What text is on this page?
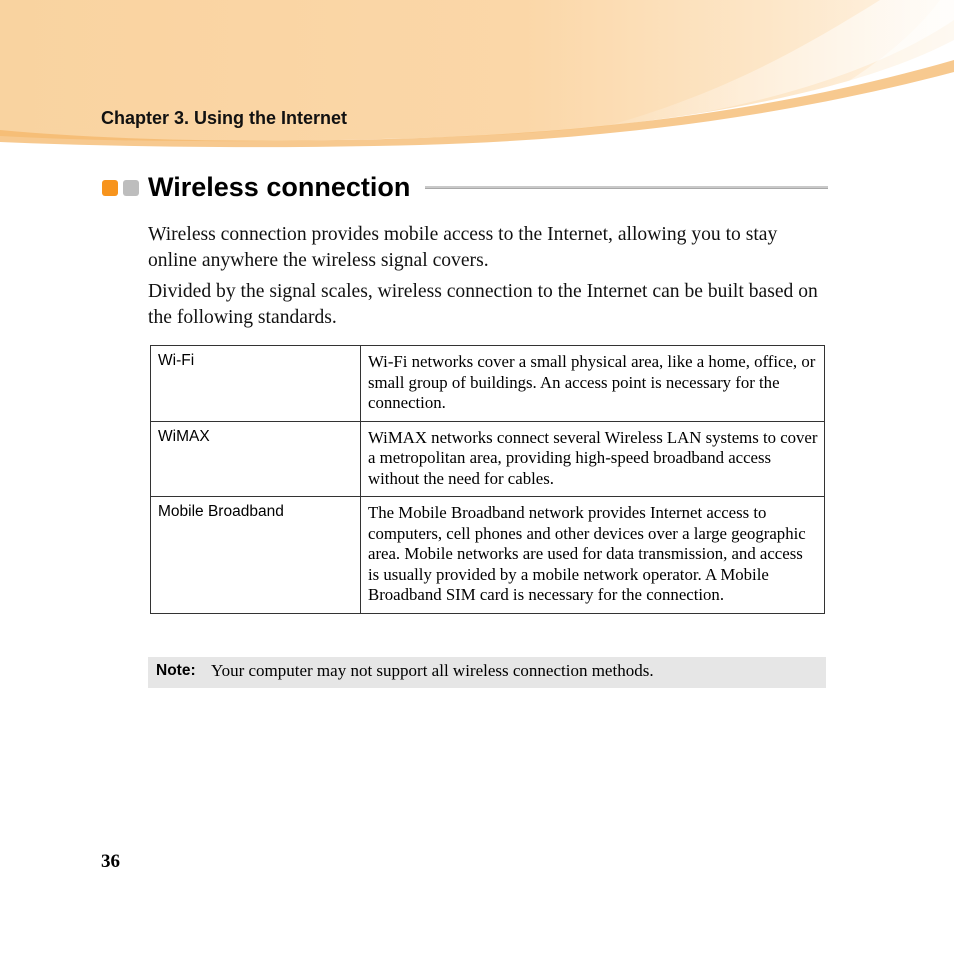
Chapter 3. Using the Internet
Wireless connection

Wireless connection provides mobile access to the Internet, allowing you to stay online anywhere the wireless signal covers.

Divided by the signal scales, wireless connection to the Internet can be built based on the following standards.

Wi-Fi	Wi-Fi networks cover a small physical area, like a home, office, or small group of buildings. An access point is necessary for the connection.
WiMAX	WiMAX networks connect several Wireless LAN systems to cover a metropolitan area, providing high-speed broadband access without the need for cables.
Mobile Broadband	The Mobile Broadband network provides Internet access to computers, cell phones and other devices over a large geographic area. Mobile networks are used for data transmission, and access is usually provided by a mobile network operator. A Mobile Broadband SIM card is necessary for the connection.
Note: Your computer may not support all wireless connection methods.
36
